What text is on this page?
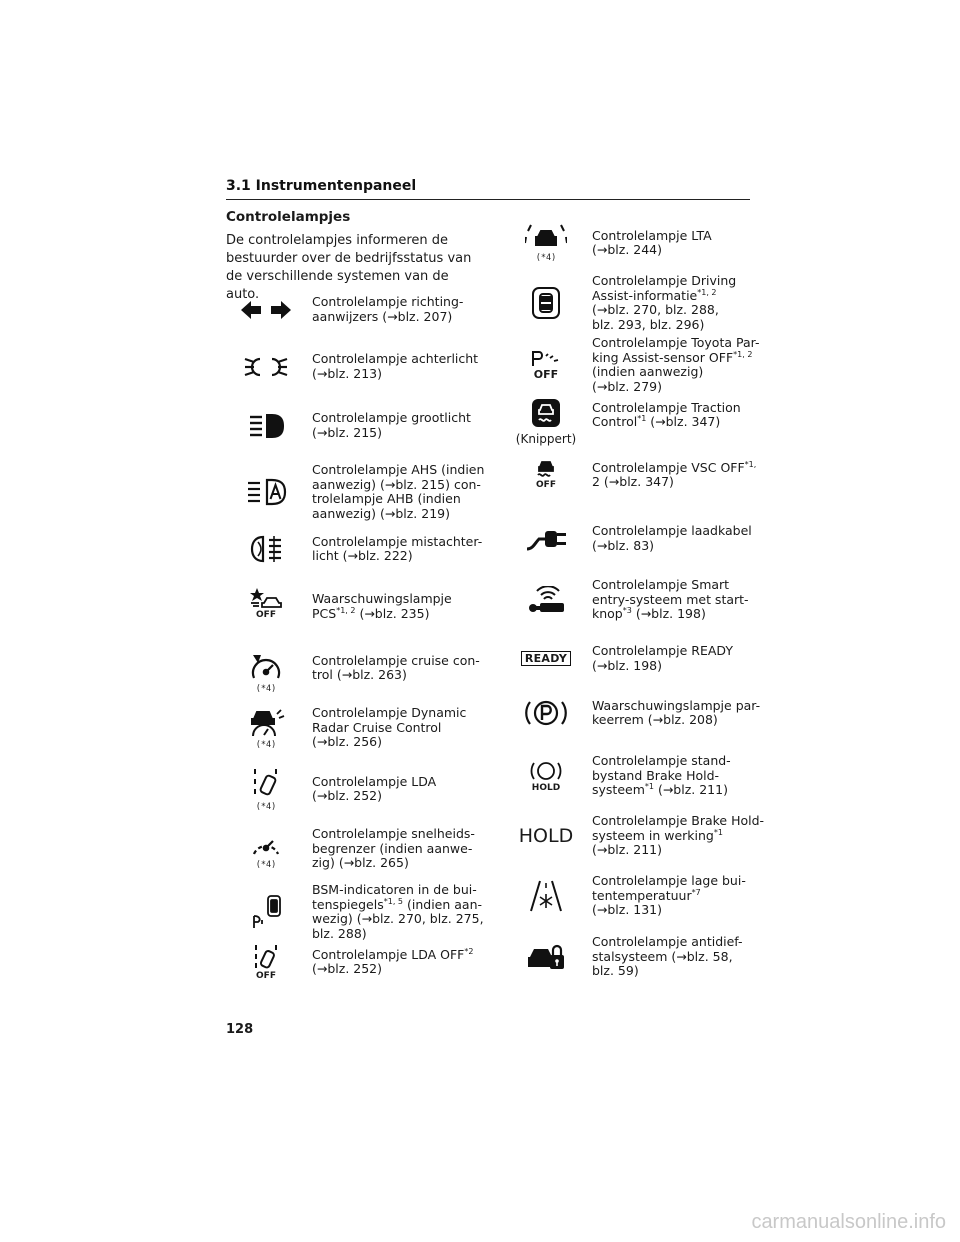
3.1 Instrumentenpaneel
Controlelampjes
De controlelampjes informeren de bestuurder over de bedrijfsstatus van de verschillende systemen van de auto.	Controlelampje richting-
aanwijzers (→blz. 207)
Controlelampje achterlicht
(→blz. 213)
Controlelampje grootlicht
(→blz. 215)
Controlelampje AHS (indien
aanwezig) (→blz. 215) con-
trolelampje AHB (indien
aanwezig) (→blz. 219)
Controlelampje mistachter-
licht (→blz. 222)
OFF
Waarschuwingslampje
PCS$^{*1, 2}$ (→blz. 235)
(*4)
Controlelampje cruise con-
trol (→blz. 263)
(*4)
Controlelampje Dynamic
Radar Cruise Control
(→blz. 256)
(*4)
Controlelampje LDA
(→blz. 252)
(*4)
Controlelampje snelheids-
begrenzer (indien aanwe-
zig) (→blz. 265)
BSM-indicatoren in de bui-
tenspiegels$^{*1, 5}$ (indien aan-
wezig) (→blz. 270, blz. 275,
blz. 288)
OFF
Controlelampje LDA OFF$^{*2}$
(→blz. 252)
(*4)
Controlelampje LTA
(→blz. 244)
Controlelampje Driving
Assist-informatie$^{*1, 2}$
(→blz. 270, blz. 288,
blz. 293, blz. 296)
OFF
Controlelampje Toyota Par-
king Assist-sensor OFF$^{*1, 2}$
(indien aanwezig)
(→blz. 279)
(Knippert)
Controlelampje Traction
Control$^{*1}$ (→blz. 347)
OFF
Controlelampje VSC $OFF^{*1,}$
2 (→blz. 347)
Controlelampje laadkabel
(→blz. 83)
Controlelampje Smart
entry-systeem met start-
knop$^{*3}$ (→blz. 198)
READY
Controlelampje READY
(→blz. 198)
Waarschuwingslampje par-
keerrem (→blz. 208)
HOLD
Controlelampje stand-
bystand Brake Hold-
systeem$^{*1}$ (→blz. 211)
HOLD
Controlelampje Brake Hold-
systeem in werking$^{*1}$
(→blz. 211)
Controlelampje lage bui-
tentemperatuur$^{*7}$
(→blz. 131)
Controlelampje antidief-
stalsysteem (→blz. 58,
blz. 59)
128
carmanualsonline.info
